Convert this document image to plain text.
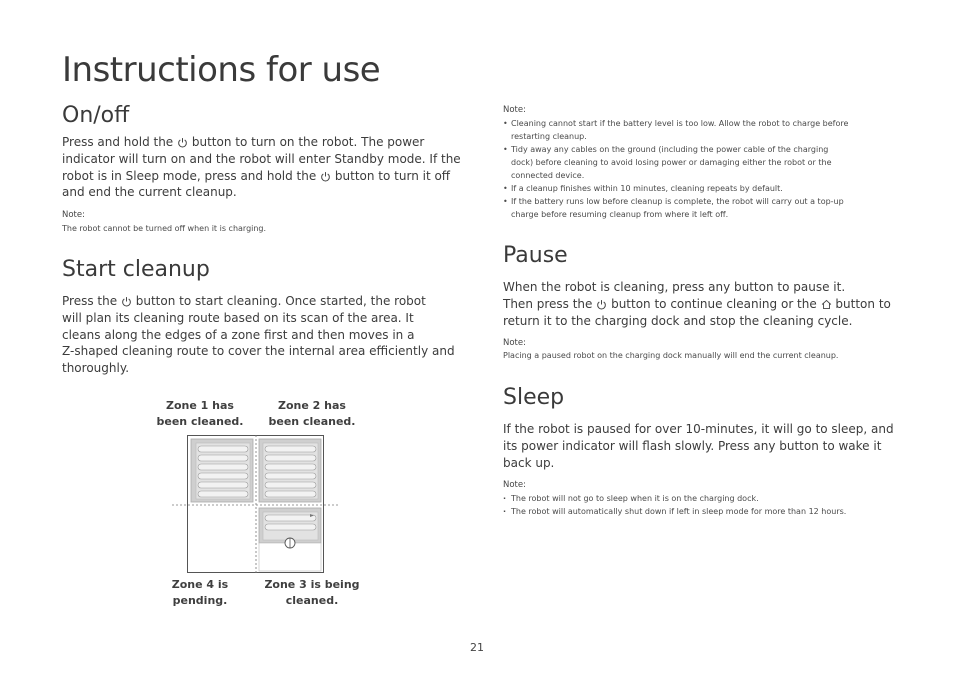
Instructions for use
On/off
Press and hold the button to turn on the robot. The power
indicator will turn on and the robot will enter Standby mode. If the
robot is in Sleep mode, press and hold the button to turn it off
and end the current cleanup.
Note:
The robot cannot be turned off when it is charging.
Start cleanup
Press the button to start cleaning. Once started, the robot
will plan its cleaning route based on its scan of the area. It
cleans along the edges of a zone first and then moves in a
Z-shaped cleaning route to cover the internal area efficiently and
thoroughly.
Zone 1 has
been cleaned.
Zone 2 has
been cleaned.
Zone 4 is
pending.
Zone 3 is being
cleaned.
Note:
• Cleaning cannot start if the battery level is too low. Allow the robot to charge before
restarting cleanup.
• Tidy away any cables on the ground (including the power cable of the charging
dock) before cleaning to avoid losing power or damaging either the robot or the
connected device.
• If a cleanup finishes within 10 minutes, cleaning repeats by default.
• If the battery runs low before cleanup is complete, the robot will carry out a top-up
charge before resuming cleanup from where it left off.
Pause
When the robot is cleaning, press any button to pause it.
Then press the button to continue cleaning or the button to
return it to the charging dock and stop the cleaning cycle.
Note:
Placing a paused robot on the charging dock manually will end the current cleanup.
Sleep
If the robot is paused for over 10-minutes, it will go to sleep, and
its power indicator will flash slowly. Press any button to wake it
back up.
Note:
· The robot will not go to sleep when it is on the charging dock.
· The robot will automatically shut down if left in sleep mode for more than 12 hours.
21
